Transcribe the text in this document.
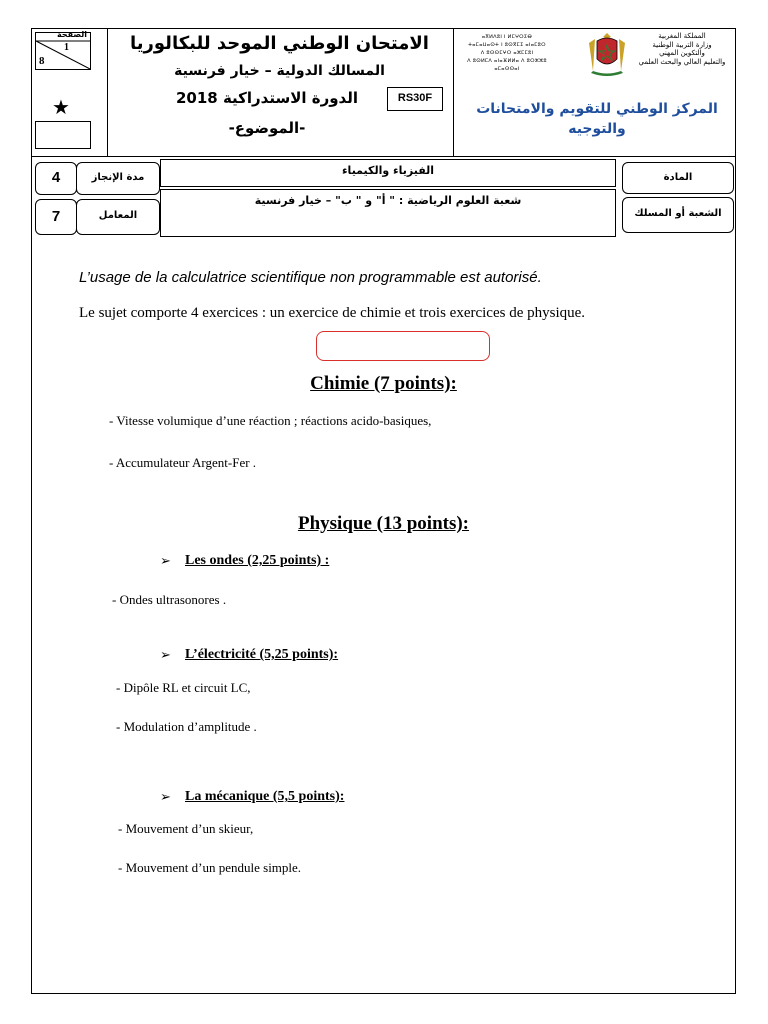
الصفحة
1
8
★
الامتحان الوطني الموحد للبكالوريا
المسالك الدولية – خيار فرنسية
الدورة الاستدراكية 2018
-الموضوع-
RS30F
ⴰⴳⵍⴷⵓⵏ ⵏ ⵍⵎⵖⵔⵉⴱ
ⵜⴰⵎⴰⵡⴰⵙⵜ ⵏ ⵓⵙⴳⵎⵉ ⴰⵏⴰⵎⵓⵔ
ⴷ ⵓⵙⵙⵎⵖⵔ ⴰⵣⵎⵎⵓⵏ
ⴷ ⵓⵙⵍⵎⴷ ⴰⵏⴰⴼⵍⵍⴰ ⴷ ⵓⵔⵣⵣⵓ ⴰⵎⴰⵙⵙⴰⵏ
المملكة المغربية
وزارة التربية الوطنية
والتكوين المهني
والتعليم العالي والبحث العلمي
المركز الوطني للتقويم والامتحانات
والتوجيه
4
7
مدة الإنجاز
المعامل
الفيزياء والكيمياء
شعبة العلوم الرياضية : " أ" و " ب" – خيار فرنسية
المادة
الشعبة أو المسلك
L’usage de la calculatrice scientifique non programmable est autorisé.
Le sujet comporte 4 exercices : un exercice de chimie et trois exercices de physique.
Chimie (7 points):
- Vitesse volumique d’une réaction ; réactions acido-basiques,
- Accumulateur Argent-Fer .
Physique (13 points):
➢ Les ondes (2,25 points) :
- Ondes ultrasonores .
➢ L’électricité (5,25 points):
- Dipôle RL et circuit LC,
- Modulation d’amplitude .
➢ La mécanique (5,5 points):
- Mouvement d’un skieur,
- Mouvement d’un pendule simple.
